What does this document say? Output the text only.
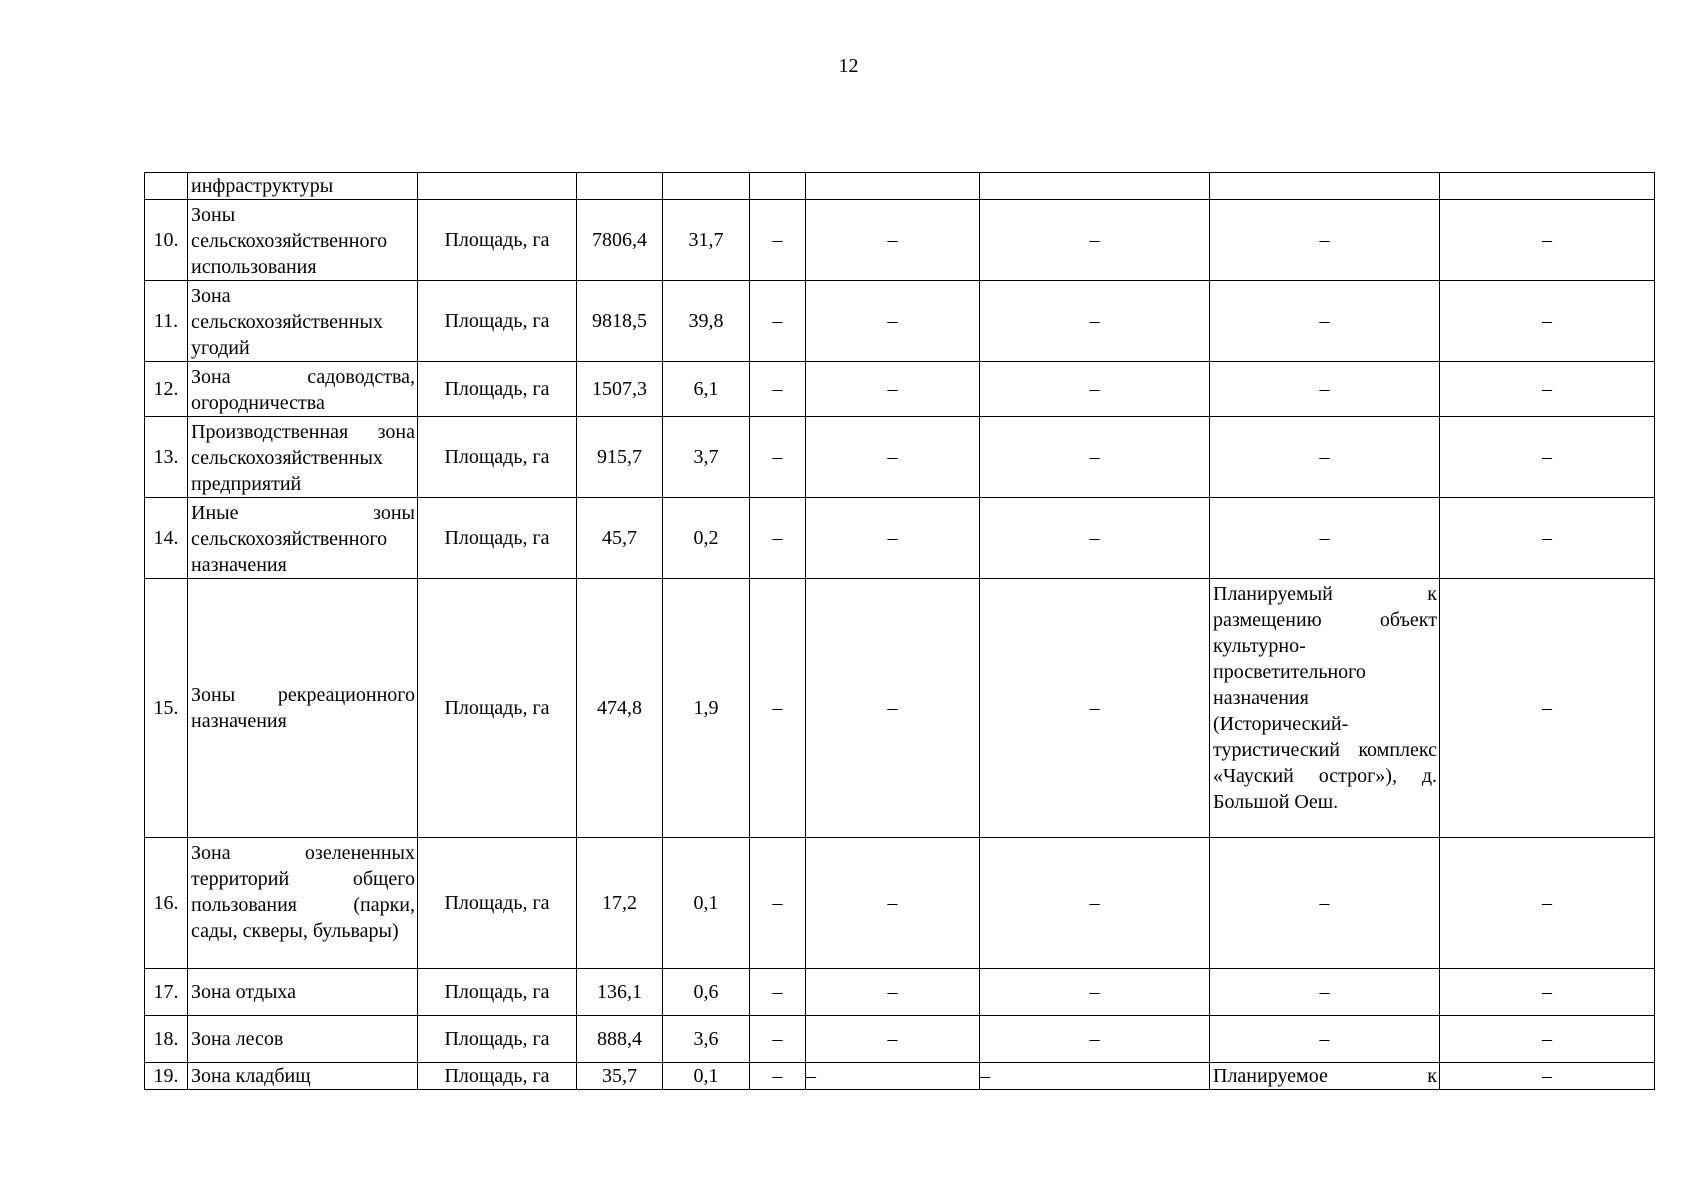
12
	инфраструктуры								
10.	Зоны сельскохозяйственного использования	Площадь, га	7806,4	31,7	–	–	–	–	–
11.	Зона сельскохозяйственных угодий	Площадь, га	9818,5	39,8	–	–	–	–	–
12.	Зона садоводства, огородничества	Площадь, га	1507,3	6,1	–	–	–	–	–
13.	Производственная зона сельскохозяйственных предприятий	Площадь, га	915,7	3,7	–	–	–	–	–
14.	Иные зоны сельскохозяйственного назначения	Площадь, га	45,7	0,2	–	–	–	–	–
15.	Зоны рекреационного назначения	Площадь, га	474,8	1,9	–	–	–	Планируемый к размещению объект культурно-просветительного назначения (Исторический-туристический комплекс «Чауский острог»), д. Большой Оеш.	–
16.	Зона озелененных территорий общего пользования (парки, сады, скверы, бульвары)	Площадь, га	17,2	0,1	–	–	–	–	–
17.	Зона отдыха	Площадь, га	136,1	0,6	–	–	–	–	–
18.	Зона лесов	Площадь, га	888,4	3,6	–	–	–	–	–
19.	Зона кладбищ	Площадь, га	35,7	0,1	–	–	–	Планируемое к	–
